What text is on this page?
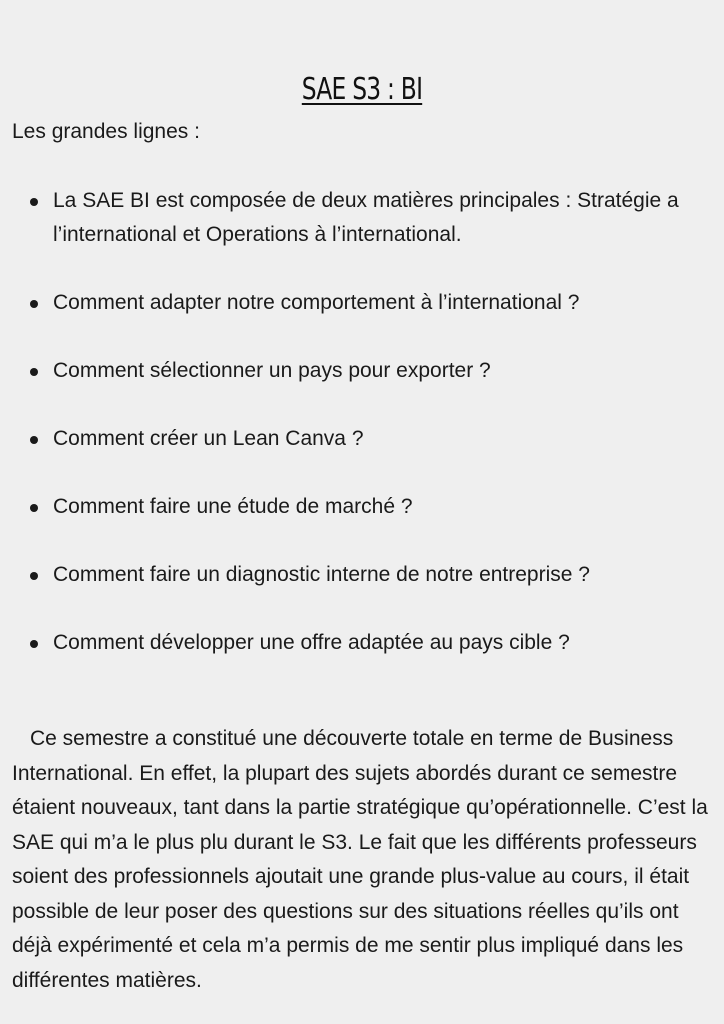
SAE S3 : BI
Les grandes lignes :
La SAE BI est composée de deux matières principales : Stratégie a l’international et Operations à l’international.
Comment adapter notre comportement à l’international ?
Comment sélectionner un pays pour exporter ?
Comment créer un Lean Canva ?
Comment faire une étude de marché ?
Comment faire un diagnostic interne de notre entreprise ?
Comment développer une offre adaptée au pays cible ?

Ce semestre a constitué une découverte totale en terme de Business International. En effet, la plupart des sujets abordés durant ce semestre étaient nouveaux, tant dans la partie stratégique qu’opérationnelle. C’est la SAE qui m’a le plus plu durant le S3. Le fait que les différents professeurs soient des professionnels ajoutait une grande plus-value au cours, il était possible de leur poser des questions sur des situations réelles qu’ils ont déjà expérimenté et cela m’a permis de me sentir plus impliqué dans les différentes matières.
